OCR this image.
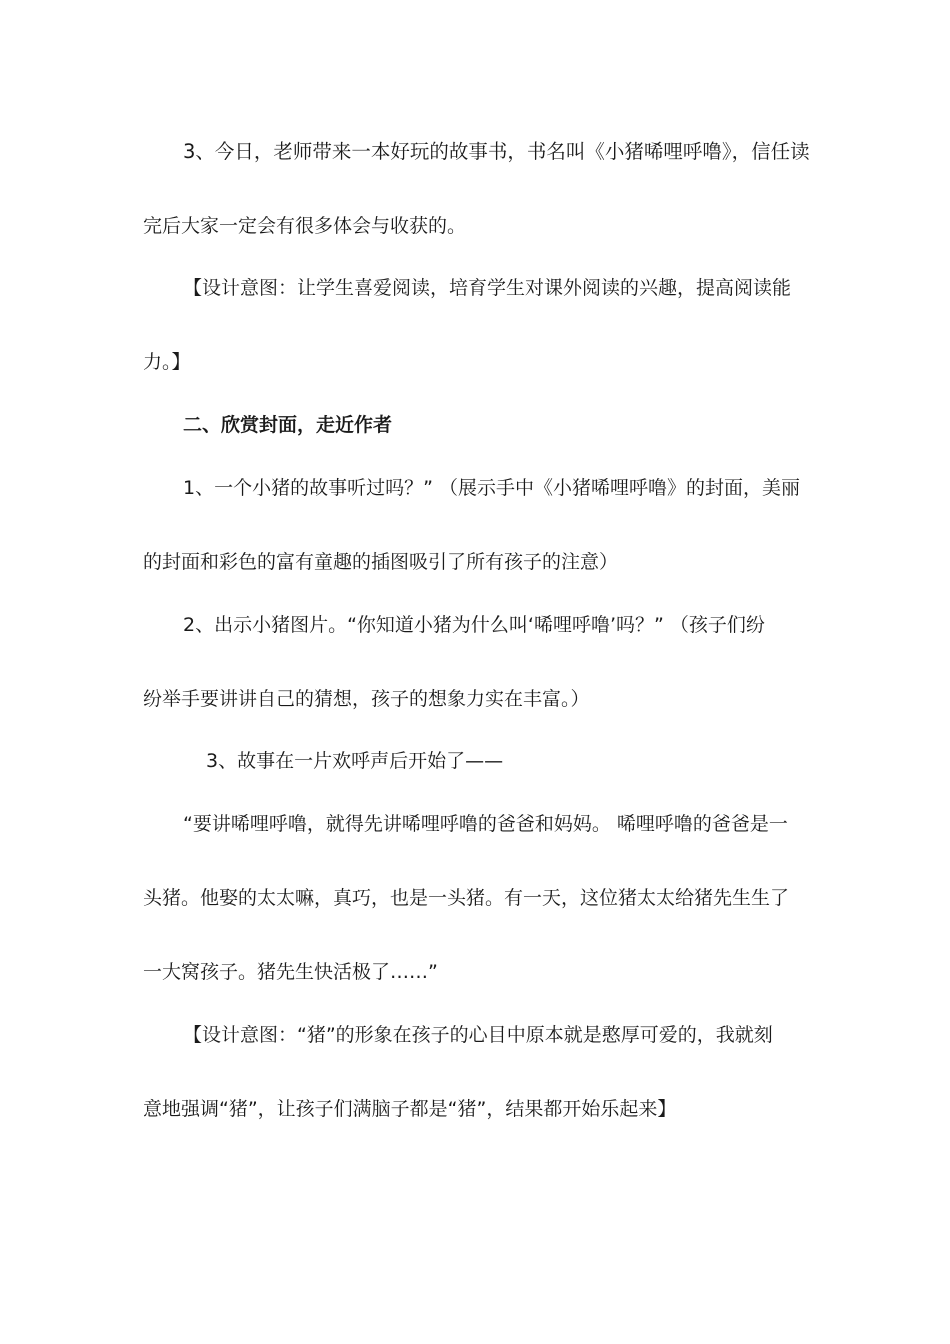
3、今日，老师带来一本好玩的故事书，书名叫《小猪唏哩呼噜》，信任读
完后大家一定会有很多体会与收获的。
【设计意图：让学生喜爱阅读，培育学生对课外阅读的兴趣，提高阅读能
力。】
二、欣赏封面，走近作者
1、一个小猪的故事听过吗？” （展示手中《小猪唏哩呼噜》的封面，美丽
的封面和彩色的富有童趣的插图吸引了所有孩子的注意）
2、出示小猪图片。“你知道小猪为什么叫‘唏哩呼噜’吗？” （孩子们纷
纷举手要讲讲自己的猜想，孩子的想象力实在丰富。）
3、故事在一片欢呼声后开始了——
“要讲唏哩呼噜，就得先讲唏哩呼噜的爸爸和妈妈。 唏哩呼噜的爸爸是一
头猪。他娶的太太嘛，真巧，也是一头猪。有一天，这位猪太太给猪先生生了
一大窝孩子。猪先生快活极了……”
【设计意图：“猪”的形象在孩子的心目中原本就是憨厚可爱的，我就刻
意地强调“猪”，让孩子们满脑子都是“猪”，结果都开始乐起来】
